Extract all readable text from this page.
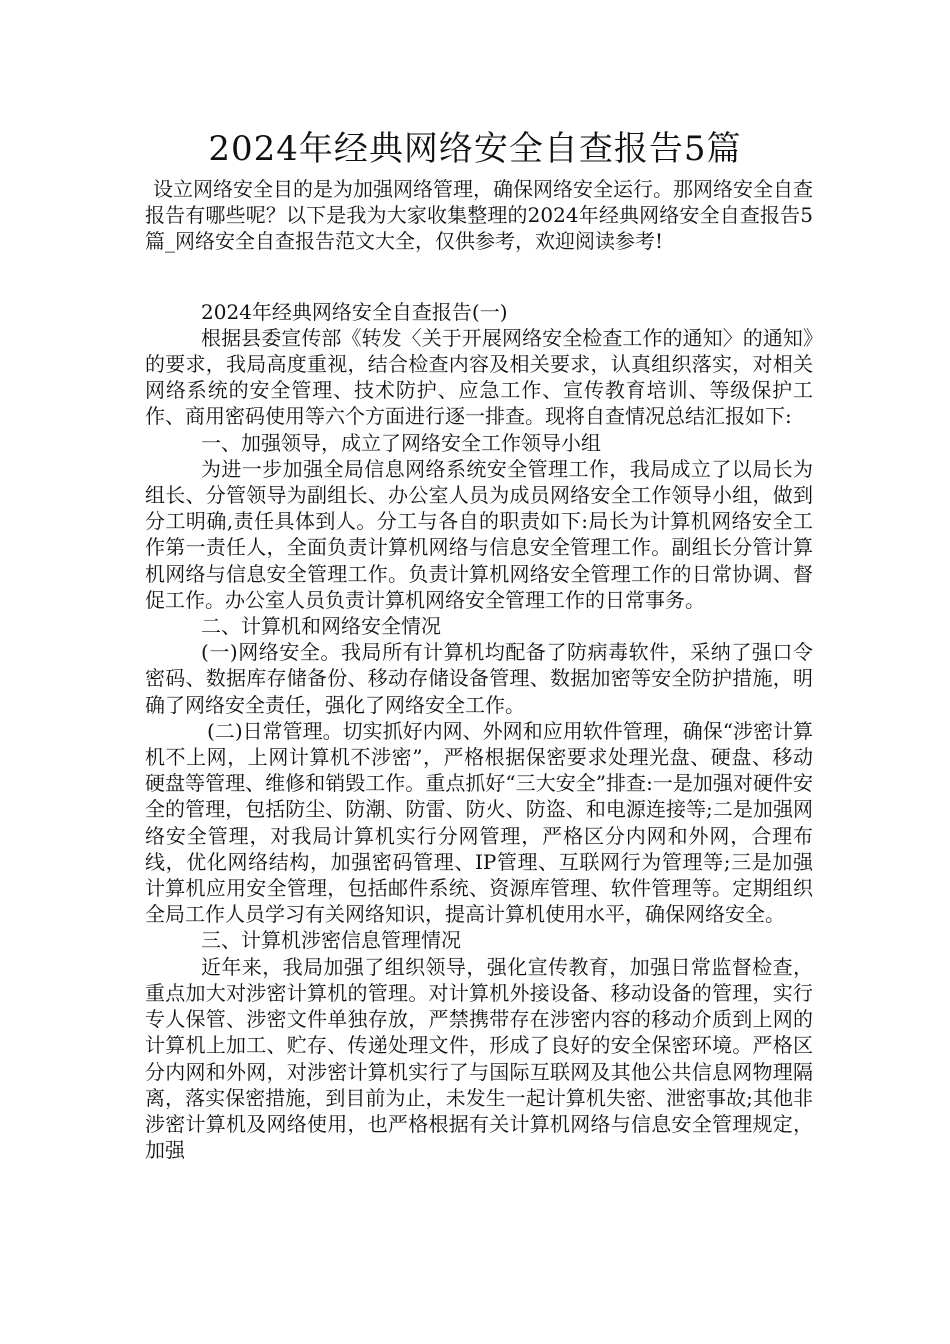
2024年经典网络安全自查报告5篇

设立网络安全目的是为加强网络管理，确保网络安全运行。那网络安全自查报告有哪些呢？以下是我为大家收集整理的2024年经典网络安全自查报告5篇_网络安全自查报告范文大全，仅供参考，欢迎阅读参考!

2024年经典网络安全自查报告(一)

根据县委宣传部《转发〈关于开展网络安全检查工作的通知〉的通知》的要求，我局高度重视，结合检查内容及相关要求，认真组织落实，对相关网络系统的安全管理、技术防护、应急工作、宣传教育培训、等级保护工作、商用密码使用等六个方面进行逐一排查。现将自查情况总结汇报如下:

一、加强领导，成立了网络安全工作领导小组

为进一步加强全局信息网络系统安全管理工作，我局成立了以局长为组长、分管领导为副组长、办公室人员为成员网络安全工作领导小组，做到分工明确,责任具体到人。分工与各自的职责如下:局长为计算机网络安全工作第一责任人，全面负责计算机网络与信息安全管理工作。副组长分管计算机网络与信息安全管理工作。负责计算机网络安全管理工作的日常协调、督促工作。办公室人员负责计算机网络安全管理工作的日常事务。

二、计算机和网络安全情况

(一)网络安全。我局所有计算机均配备了防病毒软件，采纳了强口令密码、数据库存储备份、移动存储设备管理、数据加密等安全防护措施，明确了网络安全责任，强化了网络安全工作。

(二)日常管理。切实抓好内网、外网和应用软件管理，确保“涉密计算机不上网，上网计算机不涉密”，严格根据保密要求处理光盘、硬盘、移动硬盘等管理、维修和销毁工作。重点抓好“三大安全”排查:一是加强对硬件安全的管理，包括防尘、防潮、防雷、防火、防盗、和电源连接等;二是加强网络安全管理，对我局计算机实行分网管理，严格区分内网和外网，合理布线，优化网络结构，加强密码管理、IP管理、互联网行为管理等;三是加强计算机应用安全管理，包括邮件系统、资源库管理、软件管理等。定期组织全局工作人员学习有关网络知识，提高计算机使用水平，确保网络安全。

三、计算机涉密信息管理情况

近年来，我局加强了组织领导，强化宣传教育，加强日常监督检查，重点加大对涉密计算机的管理。对计算机外接设备、移动设备的管理，实行专人保管、涉密文件单独存放，严禁携带存在涉密内容的移动介质到上网的计算机上加工、贮存、传递处理文件，形成了良好的安全保密环境。严格区分内网和外网，对涉密计算机实行了与国际互联网及其他公共信息网物理隔离，落实保密措施，到目前为止，未发生一起计算机失密、泄密事故;其他非涉密计算机及网络使用，也严格根据有关计算机网络与信息安全管理规定，加强
